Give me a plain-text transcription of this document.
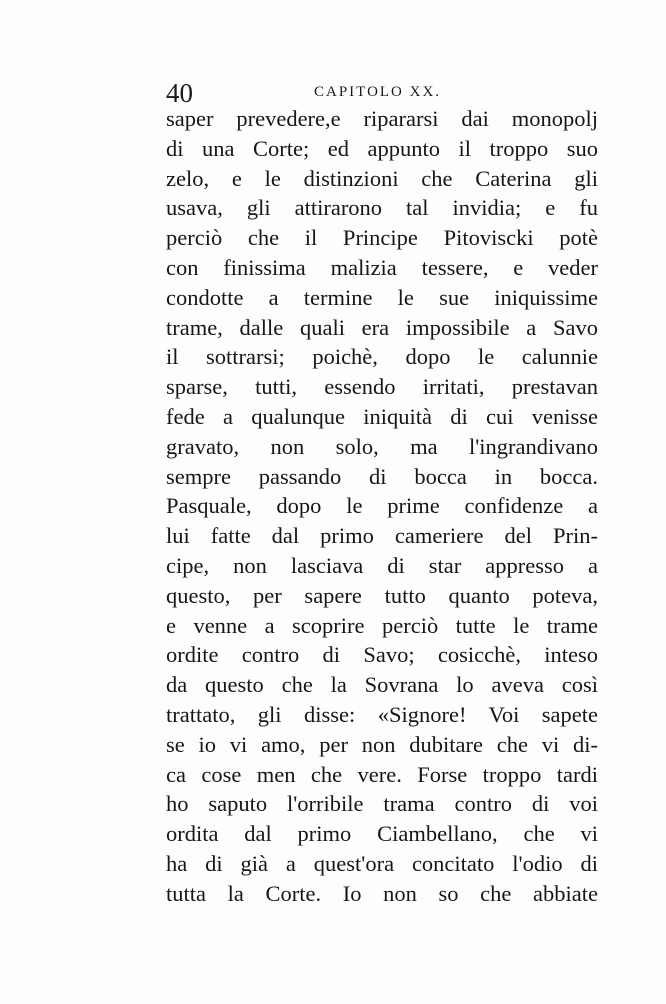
40	CAPITOLO XX.
saper prevedere,e ripararsi dai monopolj
di una Corte; ed appunto il troppo suo
zelo, e le distinzioni che Caterina gli
usava, gli attirarono tal invidia; e fu
perciò che il Principe Pitoviscki potè
con finissima malizia tessere, e veder
condotte a termine le sue iniquissime
trame, dalle quali era impossibile a Savo
il sottrarsi; poichè, dopo le calunnie
sparse, tutti, essendo irritati, prestavan
fede a qualunque iniquità di cui venisse
gravato, non solo, ma l'ingrandivano
sempre passando di bocca in bocca.
Pasquale, dopo le prime confidenze a
lui fatte dal primo cameriere del Prin-
cipe, non lasciava di star appresso a
questo, per sapere tutto quanto poteva,
e venne a scoprire perciò tutte le trame
ordite contro di Savo; cosicchè, inteso
da questo che la Sovrana lo aveva così
trattato, gli disse: «Signore! Voi sapete
se io vi amo, per non dubitare che vi di-
ca cose men che vere. Forse troppo tardi
ho saputo l'orribile trama contro di voi
ordita dal primo Ciambellano, che vi
ha di già a quest'ora concitato l'odio di
tutta la Corte. Io non so che abbiate
